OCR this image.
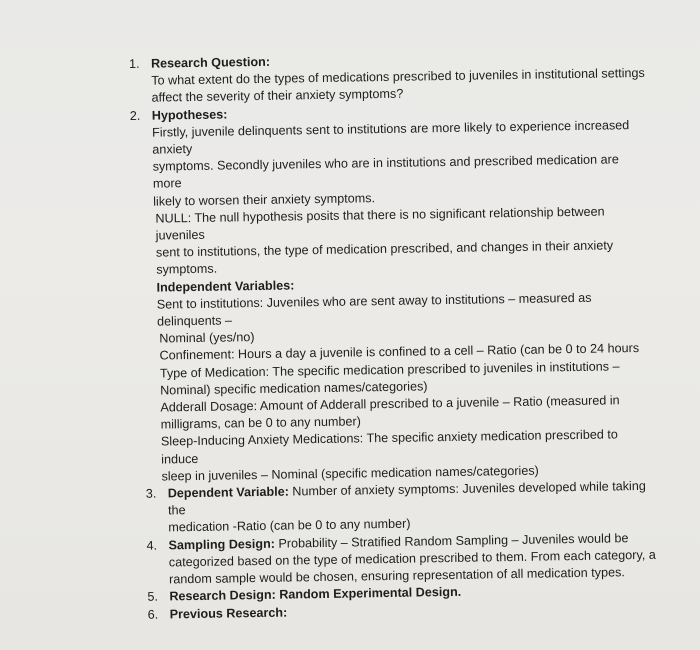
1. Research Question:
To what extent do the types of medications prescribed to juveniles in institutional settings
affect the severity of their anxiety symptoms?
2. Hypotheses:
Firstly, juvenile delinquents sent to institutions are more likely to experience increased anxiety
symptoms. Secondly juveniles who are in institutions and prescribed medication are more
likely to worsen their anxiety symptoms.
NULL: The null hypothesis posits that there is no significant relationship between juveniles
sent to institutions, the type of medication prescribed, and changes in their anxiety
symptoms.
Independent Variables:
Sent to institutions: Juveniles who are sent away to institutions – measured as delinquents –
Nominal (yes/no)
Confinement: Hours a day a juvenile is confined to a cell – Ratio (can be 0 to 24 hours
Type of Medication: The specific medication prescribed to juveniles in institutions –
Nominal) specific medication names/categories)
Adderall Dosage: Amount of Adderall prescribed to a juvenile – Ratio (measured in
milligrams, can be 0 to any number)
Sleep-Inducing Anxiety Medications: The specific anxiety medication prescribed to induce
sleep in juveniles – Nominal (specific medication names/categories)
3. Dependent Variable: Number of anxiety symptoms: Juveniles developed while taking the
medication -Ratio (can be 0 to any number)
4. Sampling Design: Probability – Stratified Random Sampling – Juveniles would be
categorized based on the type of medication prescribed to them. From each category, a
random sample would be chosen, ensuring representation of all medication types.
5. Research Design: Random Experimental Design.
6. Previous Research:
